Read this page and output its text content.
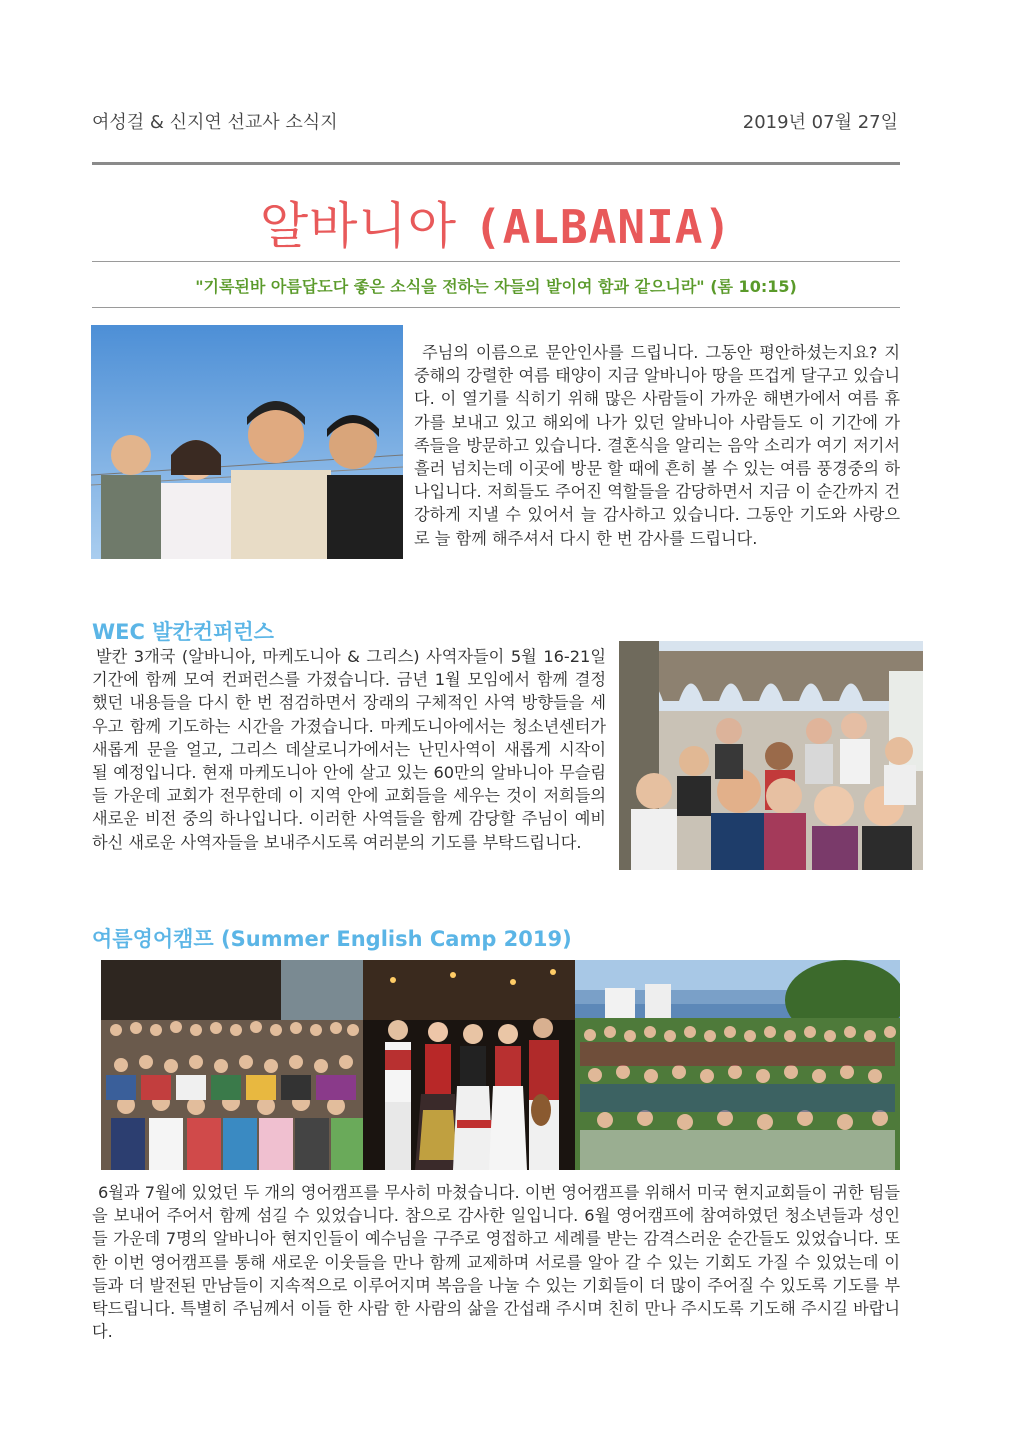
여성걸 & 신지연 선교사 소식지	2019년 07월 27일
알바니아 (ALBANIA)
"기록된바 아름답도다 좋은 소식을 전하는 자들의 발이여 함과 같으니라" (롬 10:15)
주님의 이름으로 문안인사를 드립니다. 그동안 평안하셨는지요? 지중해의 강렬한 여름 태양이 지금 알바니아 땅을 뜨겁게 달구고 있습니다. 이 열기를 식히기 위해 많은 사람들이 가까운 해변가에서 여름 휴가를 보내고 있고 해외에 나가 있던 알바니아 사람들도 이 기간에 가족들을 방문하고 있습니다. 결혼식을 알리는 음악 소리가 여기 저기서 흘러 넘치는데 이곳에 방문 할 때에 흔히 볼 수 있는 여름 풍경중의 하나입니다. 저희들도 주어진 역할들을 감당하면서 지금 이 순간까지 건강하게 지낼 수 있어서 늘 감사하고 있습니다. 그동안 기도와 사랑으로 늘 함께 해주셔서 다시 한 번 감사를 드립니다.
WEC 발칸컨퍼런스
발칸 3개국 (알바니아, 마케도니아 & 그리스) 사역자들이 5월 16-21일 기간에 함께 모여 컨퍼런스를 가졌습니다. 금년 1월 모임에서 함께 결정했던 내용들을 다시 한 번 점검하면서 장래의 구체적인 사역 방향들을 세우고 함께 기도하는 시간을 가졌습니다. 마케도니아에서는 청소년센터가 새롭게 문을 얼고, 그리스 데살로니가에서는 난민사역이 새롭게 시작이 될 예정입니다. 현재 마케도니아 안에 살고 있는 60만의 알바니아 무슬림들 가운데 교회가 전무한데 이 지역 안에 교회들을 세우는 것이 저희들의 새로운 비전 중의 하나입니다. 이러한 사역들을 함께 감당할 주님이 예비하신 새로운 사역자들을 보내주시도록 여러분의 기도를 부탁드립니다.
여름영어캠프 (Summer English Camp 2019)
6월과 7월에 있었던 두 개의 영어캠프를 무사히 마쳤습니다. 이번 영어캠프를 위해서 미국 현지교회들이 귀한 팀들을 보내어 주어서 함께 섬길 수 있었습니다. 참으로 감사한 일입니다. 6월 영어캠프에 참여하였던 청소년들과 성인들 가운데 7명의 알바니아 현지인들이 예수님을 구주로 영접하고 세례를 받는 감격스러운 순간들도 있었습니다. 또한 이번 영어캠프를 통해 새로운 이웃들을 만나 함께 교제하며 서로를 알아 갈 수 있는 기회도 가질 수 있었는데 이들과 더 발전된 만남들이 지속적으로 이루어지며 복음을 나눌 수 있는 기회들이 더 많이 주어질 수 있도록 기도를 부탁드립니다. 특별히 주님께서 이들 한 사람 한 사람의 삶을 간섭래 주시며 친히 만나 주시도록 기도해 주시길 바랍니다.
